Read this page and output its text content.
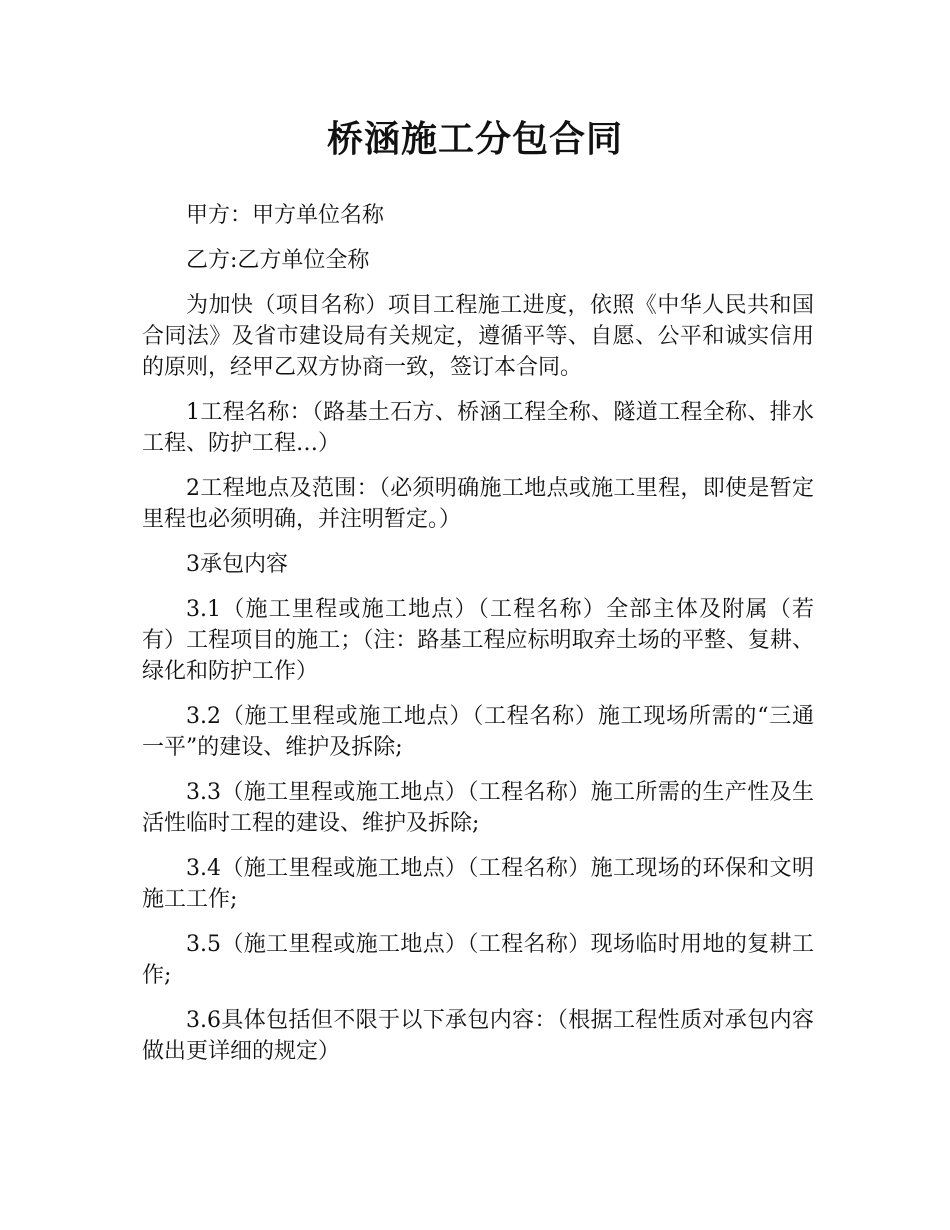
桥涵施工分包合同

甲方：甲方单位名称

乙方:乙方单位全称

为加快（项目名称）项目工程施工进度，依照《中华人民共和国合同法》及省市建设局有关规定，遵循平等、自愿、公平和诚实信用的原则，经甲乙双方协商一致，签订本合同。

1工程名称：（路基土石方、桥涵工程全称、隧道工程全称、排水工程、防护工程…）

2工程地点及范围：（必须明确施工地点或施工里程，即使是暂定里程也必须明确，并注明暂定。）

3承包内容

3.1（施工里程或施工地点）（工程名称）全部主体及附属（若有）工程项目的施工；（注：路基工程应标明取弃土场的平整、复耕、绿化和防护工作）

3.2（施工里程或施工地点）（工程名称）施工现场所需的“三通一平”的建设、维护及拆除;

3.3（施工里程或施工地点）（工程名称）施工所需的生产性及生活性临时工程的建设、维护及拆除;

3.4（施工里程或施工地点）（工程名称）施工现场的环保和文明施工工作;

3.5（施工里程或施工地点）（工程名称）现场临时用地的复耕工作;

3.6具体包括但不限于以下承包内容：（根据工程性质对承包内容做出更详细的规定）
